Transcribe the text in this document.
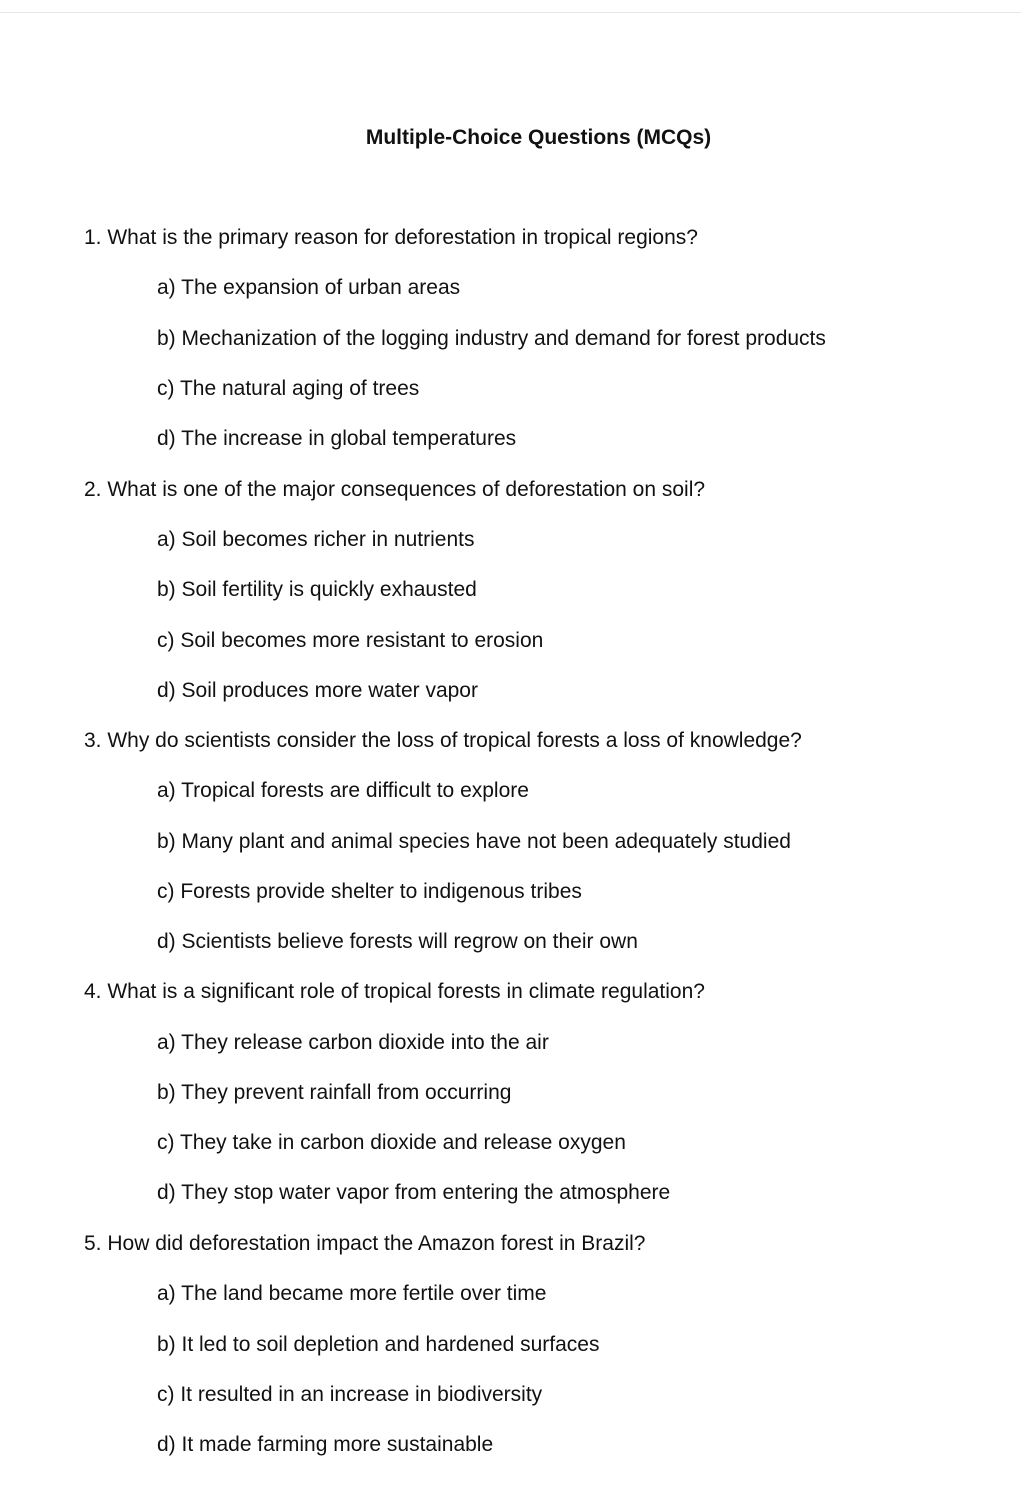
Multiple-Choice Questions (MCQs)
1. What is the primary reason for deforestation in tropical regions?
a) The expansion of urban areas
b) Mechanization of the logging industry and demand for forest products
c) The natural aging of trees
d) The increase in global temperatures
2. What is one of the major consequences of deforestation on soil?
a) Soil becomes richer in nutrients
b) Soil fertility is quickly exhausted
c) Soil becomes more resistant to erosion
d) Soil produces more water vapor
3. Why do scientists consider the loss of tropical forests a loss of knowledge?
a) Tropical forests are difficult to explore
b) Many plant and animal species have not been adequately studied
c) Forests provide shelter to indigenous tribes
d) Scientists believe forests will regrow on their own
4. What is a significant role of tropical forests in climate regulation?
a) They release carbon dioxide into the air
b) They prevent rainfall from occurring
c) They take in carbon dioxide and release oxygen
d) They stop water vapor from entering the atmosphere
5. How did deforestation impact the Amazon forest in Brazil?
a) The land became more fertile over time
b) It led to soil depletion and hardened surfaces
c) It resulted in an increase in biodiversity
d) It made farming more sustainable
